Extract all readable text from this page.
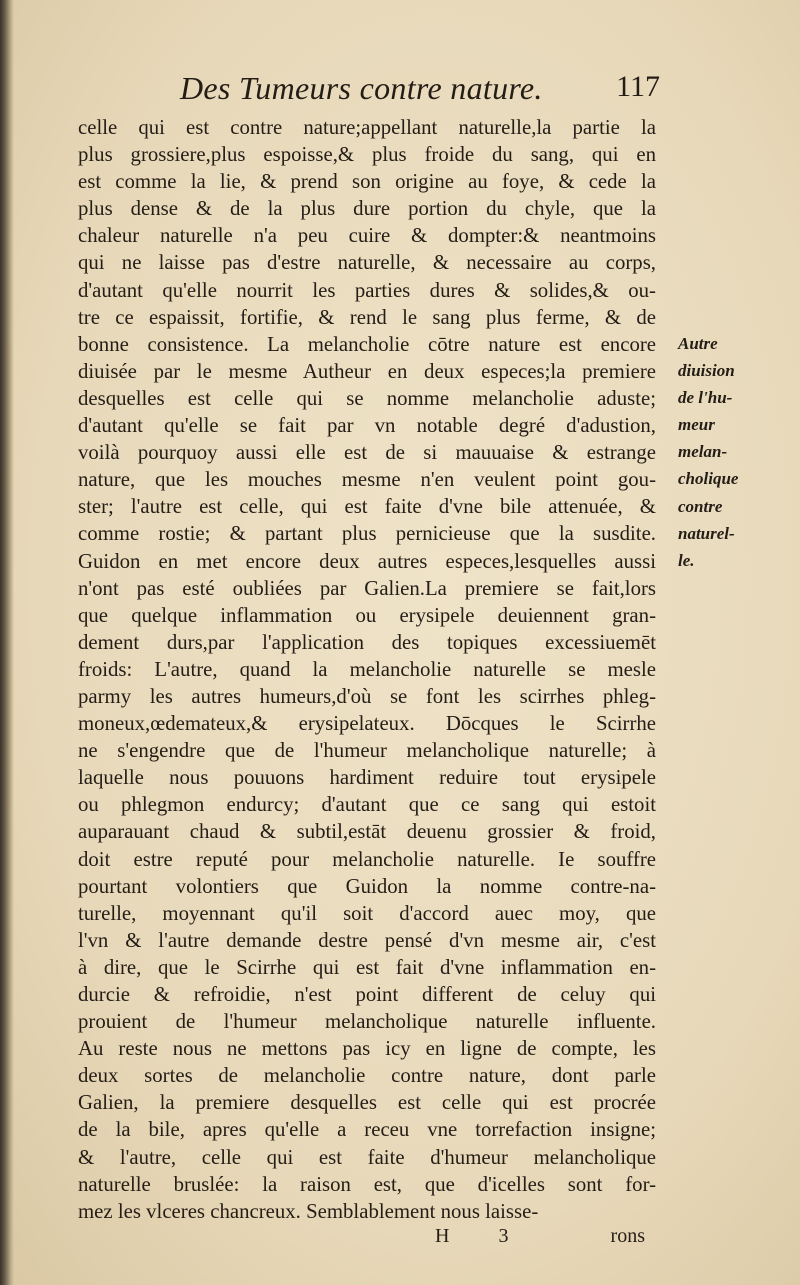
Des Tumeurs contre nature. 117
celle qui est contre nature;appellant naturelle,la partie la
plus grossiere,plus espoisse,& plus froide du sang, qui en
est comme la lie, & prend son origine au foye, & cede la
plus dense & de la plus dure portion du chyle, que la
chaleur naturelle n'a peu cuire & dompter:& neantmoins
qui ne laisse pas d'estre naturelle, & necessaire au corps,
d'autant qu'elle nourrit les parties dures & solides,& ou-
tre ce espaissit, fortifie, & rend le sang plus ferme, & de
bonne consistence. La melancholie cōtre nature est encore
diuisée par le mesme Autheur en deux especes;la premiere
desquelles est celle qui se nomme melancholie aduste;
d'autant qu'elle se fait par vn notable degré d'adustion,
voilà pourquoy aussi elle est de si mauuaise & estrange
nature, que les mouches mesme n'en veulent point gou-
ster; l'autre est celle, qui est faite d'vne bile attenuée, &
comme rostie; & partant plus pernicieuse que la susdite.
Guidon en met encore deux autres especes,lesquelles aussi
n'ont pas esté oubliées par Galien.La premiere se fait,lors
que quelque inflammation ou erysipele deuiennent gran-
dement durs,par l'application des topiques excessiuemēt
froids: L'autre, quand la melancholie naturelle se mesle
parmy les autres humeurs,d'où se font les scirrhes phleg-
moneux,œdemateux,& erysipelateux. Dōcques le Scirrhe
ne s'engendre que de l'humeur melancholique naturelle; à
laquelle nous pouuons hardiment reduire tout erysipele
ou phlegmon endurcy; d'autant que ce sang qui estoit
auparauant chaud & subtil,estāt deuenu grossier & froid,
doit estre reputé pour melancholie naturelle. Ie souffre
pourtant volontiers que Guidon la nomme contre-na-
turelle, moyennant qu'il soit d'accord auec moy, que
l'vn & l'autre demande destre pensé d'vn mesme air, c'est
à dire, que le Scirrhe qui est fait d'vne inflammation en-
durcie & refroidie, n'est point different de celuy qui
prouient de l'humeur melancholique naturelle influente.
Au reste nous ne mettons pas icy en ligne de compte, les
deux sortes de melancholie contre nature, dont parle
Galien, la premiere desquelles est celle qui est procrée
de la bile, apres qu'elle a receu vne torrefaction insigne;
& l'autre, celle qui est faite d'humeur melancholique
naturelle bruslée: la raison est, que d'icelles sont for-
mez les vlceres chancreux. Semblablement nous laisse-
Autre
diuision
de l'hu-
meur
melan-
cholique
contre
naturel-
le.
H 3	rons
